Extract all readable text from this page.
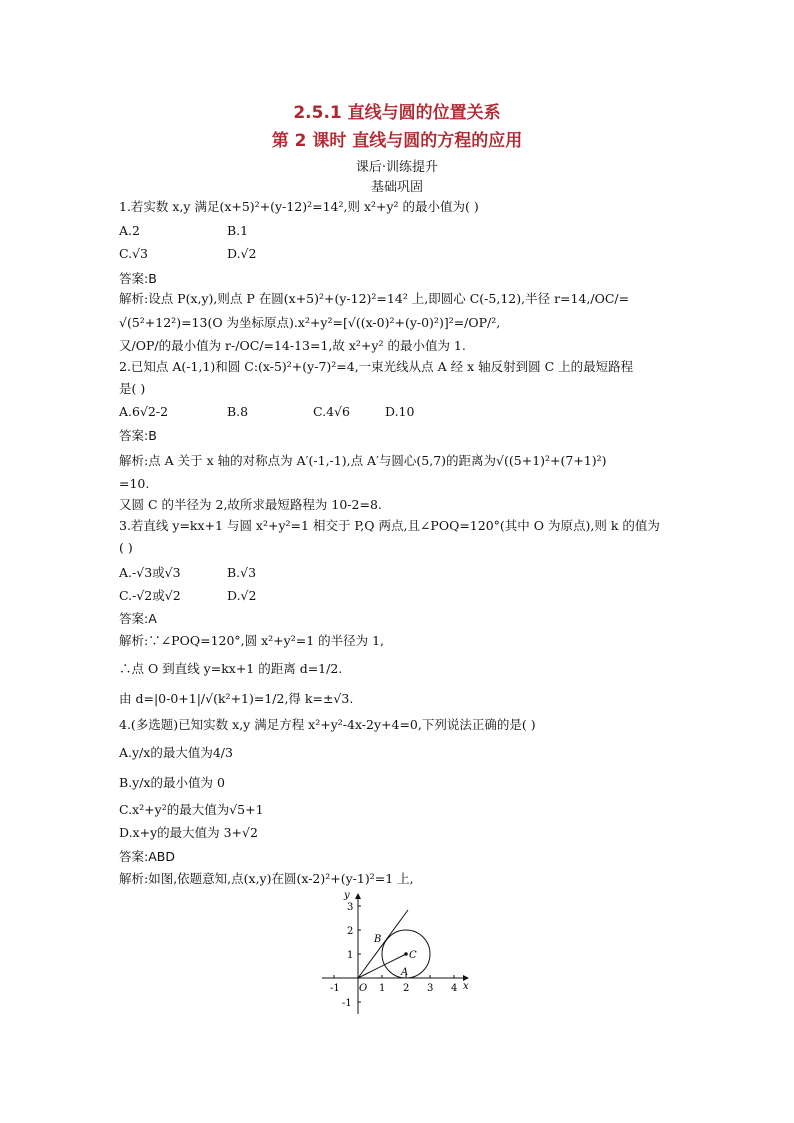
2.5.1 直线与圆的位置关系
第 2 课时 直线与圆的方程的应用
课后·训练提升
基础巩固
1.若实数 x,y 满足(x+5)²+(y-12)²=14²,则 x²+y² 的最小值为( )
A.2	B.1
C.√3	D.√2
答案:B
解析:设点 P(x,y),则点 P 在圆(x+5)²+(y-12)²=14² 上,即圆心 C(-5,12),半径 r=14,/OC/=
√(5²+12²)=13(O 为坐标原点).x²+y²=[√((x-0)²+(y-0)²)]²=/OP/²,
又/OP/的最小值为 r-/OC/=14-13=1,故 x²+y² 的最小值为 1.
2.已知点 A(-1,1)和圆 C:(x-5)²+(y-7)²=4,一束光线从点 A 经 x 轴反射到圆 C 上的最短路程
是( )
A.6√2-2	B.8	C.4√6	D.10
答案:B
解析:点 A 关于 x 轴的对称点为 A′(-1,-1),点 A′与圆心(5,7)的距离为√((5+1)²+(7+1)²)
=10.
又圆 C 的半径为 2,故所求最短路程为 10-2=8.
3.若直线 y=kx+1 与圆 x²+y²=1 相交于 P,Q 两点,且∠POQ=120°(其中 O 为原点),则 k 的值为
( )
A.-√3或√3	B.√3
C.-√2或√2	D.√2
答案:A
解析:∵∠POQ=120°,圆 x²+y²=1 的半径为 1,
∴点 O 到直线 y=kx+1 的距离 d=1/2.
由 d=|0-0+1|/√(k²+1)=1/2,得 k=±√3.
4.(多选题)已知实数 x,y 满足方程 x²+y²-4x-2y+4=0,下列说法正确的是( )
A.y/x的最大值为4/3
B.y/x的最小值为 0
C.x²+y²的最大值为√5+1
D.x+y的最大值为 3+√2
答案:ABD
解析:如图,依题意知,点(x,y)在圆(x-2)²+(y-1)²=1 上,
-1	1 2 3 4
3
2
1
-1
x
y
O
A
B
C
